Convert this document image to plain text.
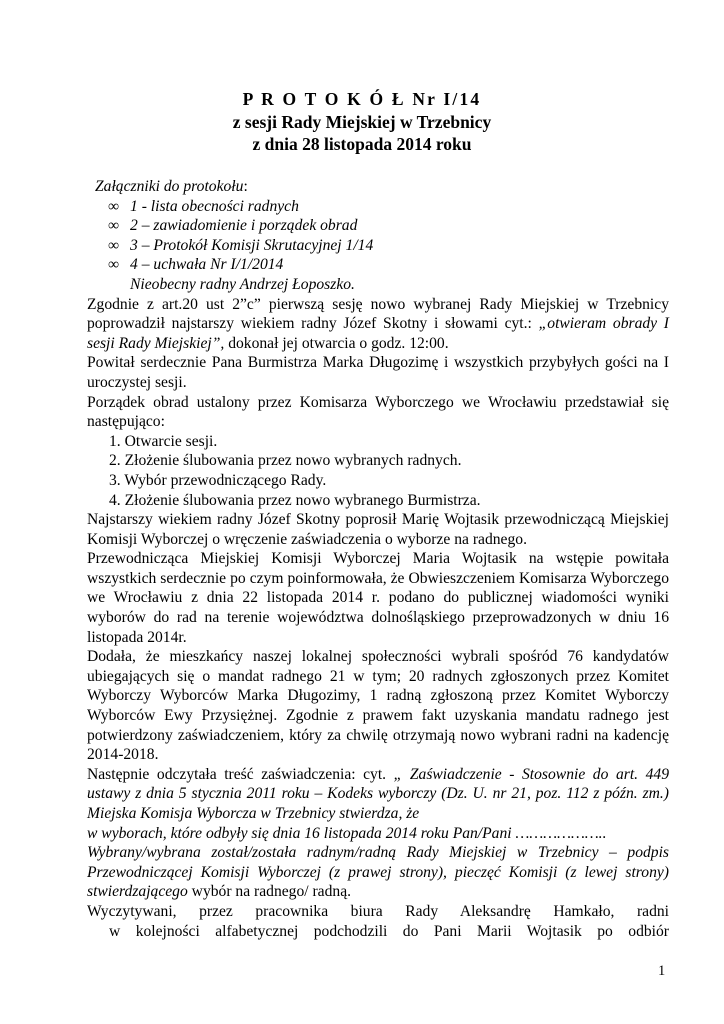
P R O T O K Ó Ł Nr I/14
z sesji Rady Miejskiej w Trzebnicy
z dnia 28 listopada 2014 roku
Załączniki do protokołu:
∞ 1 - lista obecności radnych
∞ 2 – zawiadomienie i porządek obrad
∞ 3 – Protokół Komisji Skrutacyjnej 1/14
∞ 4 – uchwała Nr I/1/2014
Nieobecny radny Andrzej Łoposzko.
Zgodnie z art.20 ust 2”c” pierwszą sesję nowo wybranej Rady Miejskiej w Trzebnicy poprowadził najstarszy wiekiem radny Józef Skotny i słowami cyt.: „otwieram obrady I sesji Rady Miejskiej”, dokonał jej otwarcia o godz. 12:00.
Powitał serdecznie Pana Burmistrza Marka Długozimę i wszystkich przybyłych gości na I uroczystej sesji.
Porządek obrad ustalony przez Komisarza Wyborczego we Wrocławiu przedstawiał się następująco:
1. Otwarcie sesji.
2. Złożenie ślubowania przez nowo wybranych radnych.
3. Wybór przewodniczącego Rady.
4. Złożenie ślubowania przez nowo wybranego Burmistrza.
Najstarszy wiekiem radny Józef Skotny poprosił Marię Wojtasik przewodniczącą Miejskiej Komisji Wyborczej o wręczenie zaświadczenia o wyborze na radnego.
Przewodnicząca Miejskiej Komisji Wyborczej Maria Wojtasik na wstępie powitała wszystkich serdecznie po czym poinformowała, że Obwieszczeniem Komisarza Wyborczego we Wrocławiu z dnia 22 listopada 2014 r. podano do publicznej wiadomości wyniki wyborów do rad na terenie województwa dolnośląskiego przeprowadzonych w dniu 16 listopada 2014r.
Dodała, że mieszkańcy naszej lokalnej społeczności wybrali spośród 76 kandydatów ubiegających się o mandat radnego 21 w tym; 20 radnych zgłoszonych przez Komitet Wyborczy Wyborców Marka Długozimy, 1 radną zgłoszoną przez Komitet Wyborczy Wyborców Ewy Przysiężnej. Zgodnie z prawem fakt uzyskania mandatu radnego jest potwierdzony zaświadczeniem, który za chwilę otrzymają nowo wybrani radni na kadencję 2014-2018.
Następnie odczytała treść zaświadczenia: cyt. „ Zaświadczenie - Stosownie do art. 449 ustawy z dnia 5 stycznia 2011 roku – Kodeks wyborczy (Dz. U. nr 21, poz. 112 z późn. zm.) Miejska Komisja Wyborcza w Trzebnicy stwierdza, że
w wyborach, które odbyły się dnia 16 listopada 2014 roku Pan/Pani ………………..
Wybrany/wybrana został/została radnym/radną Rady Miejskiej w Trzebnicy – podpis Przewodniczącej Komisji Wyborczej (z prawej strony), pieczęć Komisji (z lewej strony) stwierdzającego wybór na radnego/ radną.
Wyczytywani, przez pracownika biura Rady Aleksandrę Hamkało, radni
w kolejności alfabetycznej podchodzili do Pani Marii Wojtasik po odbiór
1
